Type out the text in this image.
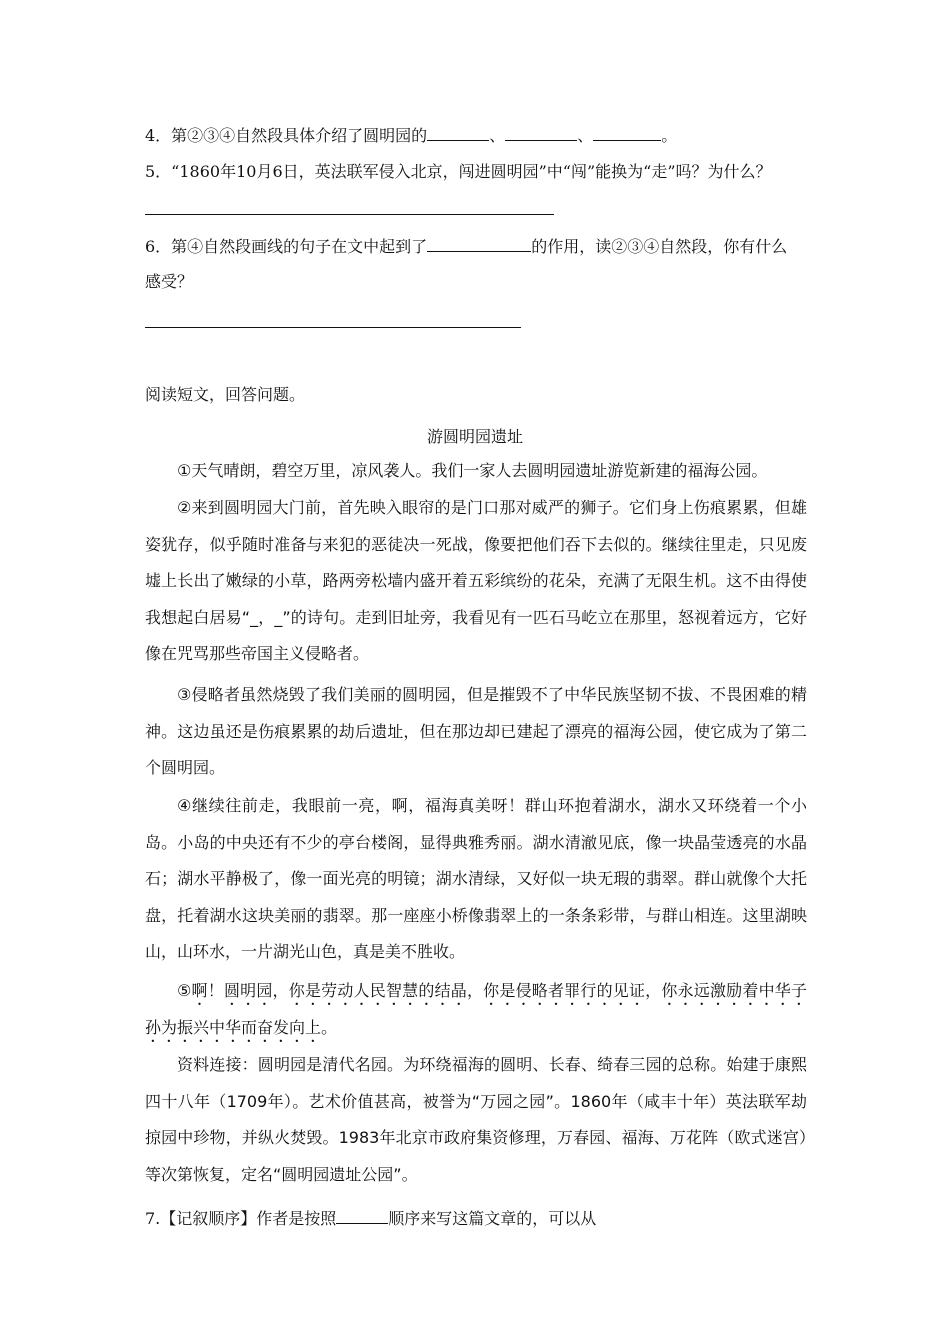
4．第②③④自然段具体介绍了圆明园的	、	、	。
5．“1860年10月6日，英法联军侵入北京，闯进圆明园”中“闯”能换为“走”吗？为什么？
6．第④自然段画线的句子在文中起到了	的作用，读②③④自然段，你有什么
感受？
阅读短文，回答问题。
游圆明园遗址
①天气晴朗，碧空万里，凉风袭人。我们一家人去圆明园遗址游览新建的福海公园。
②来到圆明园大门前，首先映入眼帘的是门口那对威严的狮子。它们身上伤痕累累，但雄姿犹存，似乎随时准备与来犯的恶徒决一死战，像要把他们吞下去似的。继续往里走，只见废墟上长出了嫩绿的小草，路两旁松墙内盛开着五彩缤纷的花朵，充满了无限生机。这不由得使我想起白居易“_，_”的诗句。走到旧址旁，我看见有一匹石马屹立在那里，怒视着远方，它好像在咒骂那些帝国主义侵略者。
③侵略者虽然烧毁了我们美丽的圆明园，但是摧毁不了中华民族坚韧不拔、不畏困难的精神。这边虽还是伤痕累累的劫后遗址，但在那边却已建起了漂亮的福海公园，使它成为了第二个圆明园。
④继续往前走，我眼前一亮，啊，福海真美呀！群山环抱着湖水，湖水又环绕着一个小岛。小岛的中央还有不少的亭台楼阁，显得典雅秀丽。湖水清澈见底，像一块晶莹透亮的水晶石；湖水平静极了，像一面光亮的明镜；湖水清绿，又好似一块无瑕的翡翠。群山就像个大托盘，托着湖水这块美丽的翡翠。那一座座小桥像翡翠上的一条条彩带，与群山相连。这里湖映山，山环水，一片湖光山色，真是美不胜收。
⑤啊！圆明园，你是劳动人民智慧的结晶，你是侵略者罪行的见证，你永远激励着中华子孙为振兴中华而奋发向上。
资料连接：圆明园是清代名园。为环绕福海的圆明、长春、绮春三园的总称。始建于康熙四十八年（1709年）。艺术价值甚高，被誉为“万园之园”。1860年（咸丰十年）英法联军劫掠园中珍物，并纵火焚毁。1983年北京市政府集资修理，万春园、福海、万花阵（欧式迷宫）等次第恢复，定名“圆明园遗址公园”。
7.【记叙顺序】作者是按照	顺序来写这篇文章的，可以从
